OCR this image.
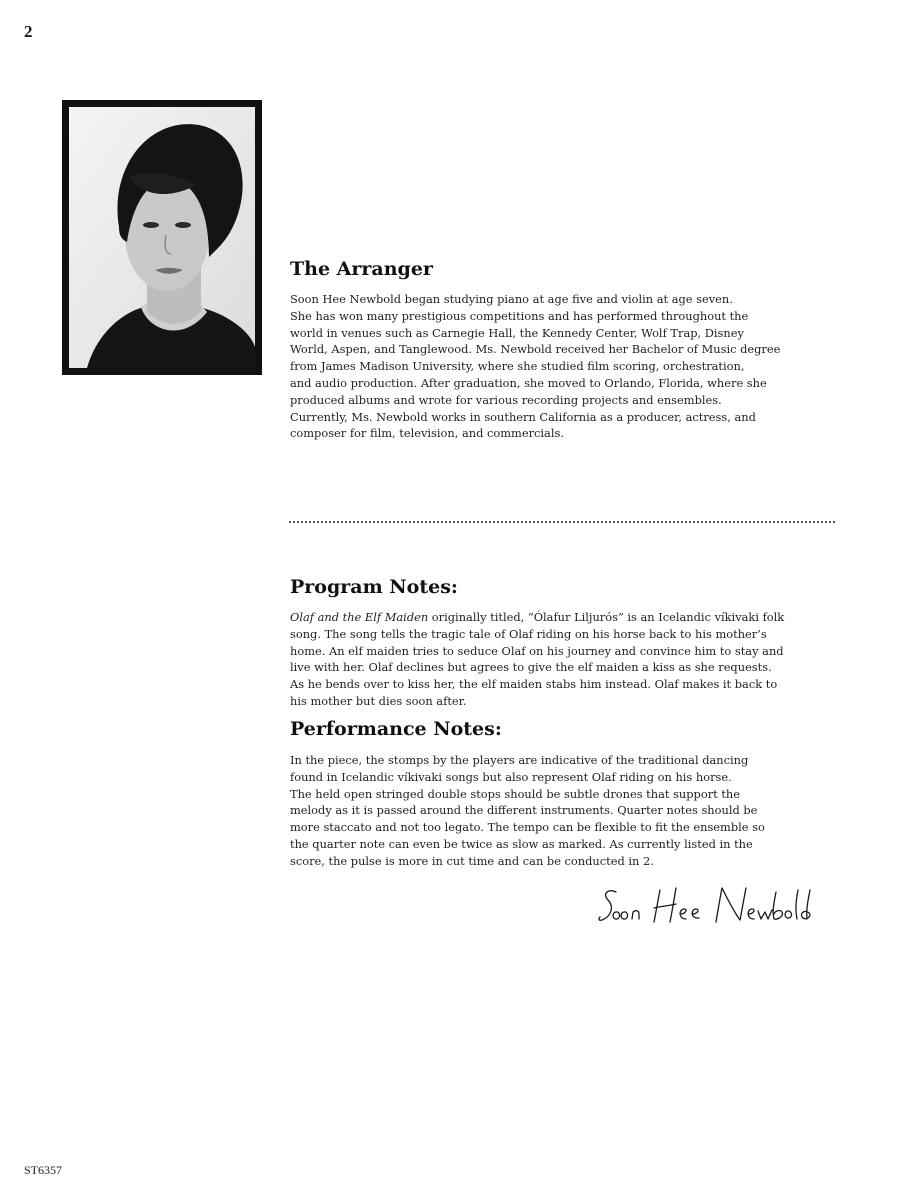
2
The Arranger

Soon Hee Newbold began studying piano at age five and violin at age seven.
She has won many prestigious competitions and has performed throughout the
world in venues such as Carnegie Hall, the Kennedy Center, Wolf Trap, Disney
World, Aspen, and Tanglewood. Ms. Newbold received her Bachelor of Music degree
from James Madison University, where she studied film scoring, orchestration,
and audio production. After graduation, she moved to Orlando, Florida, where she
produced albums and wrote for various recording projects and ensembles.
Currently, Ms. Newbold works in southern California as a producer, actress, and
composer for film, television, and commercials.

Program Notes:

Olaf and the Elf Maiden originally titled, “Ólafur Liljurós” is an Icelandic víkivaki folk
song. The song tells the tragic tale of Olaf riding on his horse back to his mother’s
home. An elf maiden tries to seduce Olaf on his journey and convince him to stay and
live with her. Olaf declines but agrees to give the elf maiden a kiss as she requests.
As he bends over to kiss her, the elf maiden stabs him instead. Olaf makes it back to
his mother but dies soon after.

Performance Notes:

In the piece, the stomps by the players are indicative of the traditional dancing
found in Icelandic víkivaki songs but also represent Olaf riding on his horse.
The held open stringed double stops should be subtle drones that support the
melody as it is passed around the different instruments. Quarter notes should be
more staccato and not too legato. The tempo can be flexible to fit the ensemble so
the quarter note can even be twice as slow as marked. As currently listed in the
score, the pulse is more in cut time and can be conducted in 2.

ST6357
